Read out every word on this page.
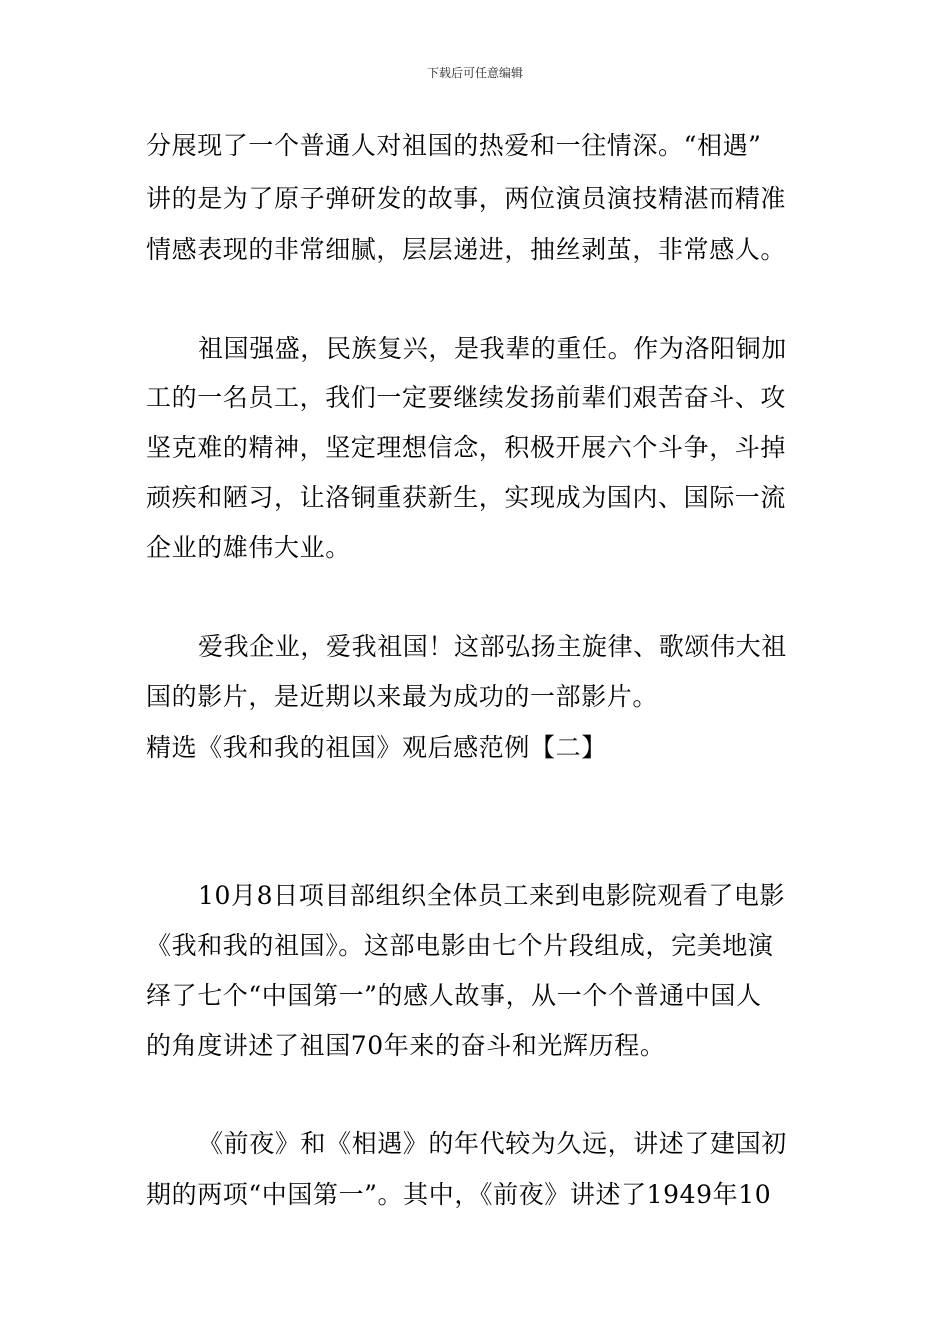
下载后可任意编辑
分展现了一个普通人对祖国的热爱和一往情深。“相遇”
讲的是为了原子弹研发的故事，两位演员演技精湛而精准
情感表现的非常细腻，层层递进，抽丝剥茧，非常感人。
祖国强盛，民族复兴，是我辈的重任。作为洛阳铜加
工的一名员工，我们一定要继续发扬前辈们艰苦奋斗、攻
坚克难的精神，坚定理想信念，积极开展六个斗争，斗掉
顽疾和陋习，让洛铜重获新生，实现成为国内、国际一流
企业的雄伟大业。
爱我企业，爱我祖国！这部弘扬主旋律、歌颂伟大祖
国的影片，是近期以来最为成功的一部影片。
精选《我和我的祖国》观后感范例【二】
10月8日项目部组织全体员工来到电影院观看了电影
《我和我的祖国》。这部电影由七个片段组成，完美地演
绎了七个“中国第一”的感人故事，从一个个普通中国人
的角度讲述了祖国70年来的奋斗和光辉历程。
《前夜》和《相遇》的年代较为久远，讲述了建国初
期的两项“中国第一”。其中，《前夜》讲述了1949年10
